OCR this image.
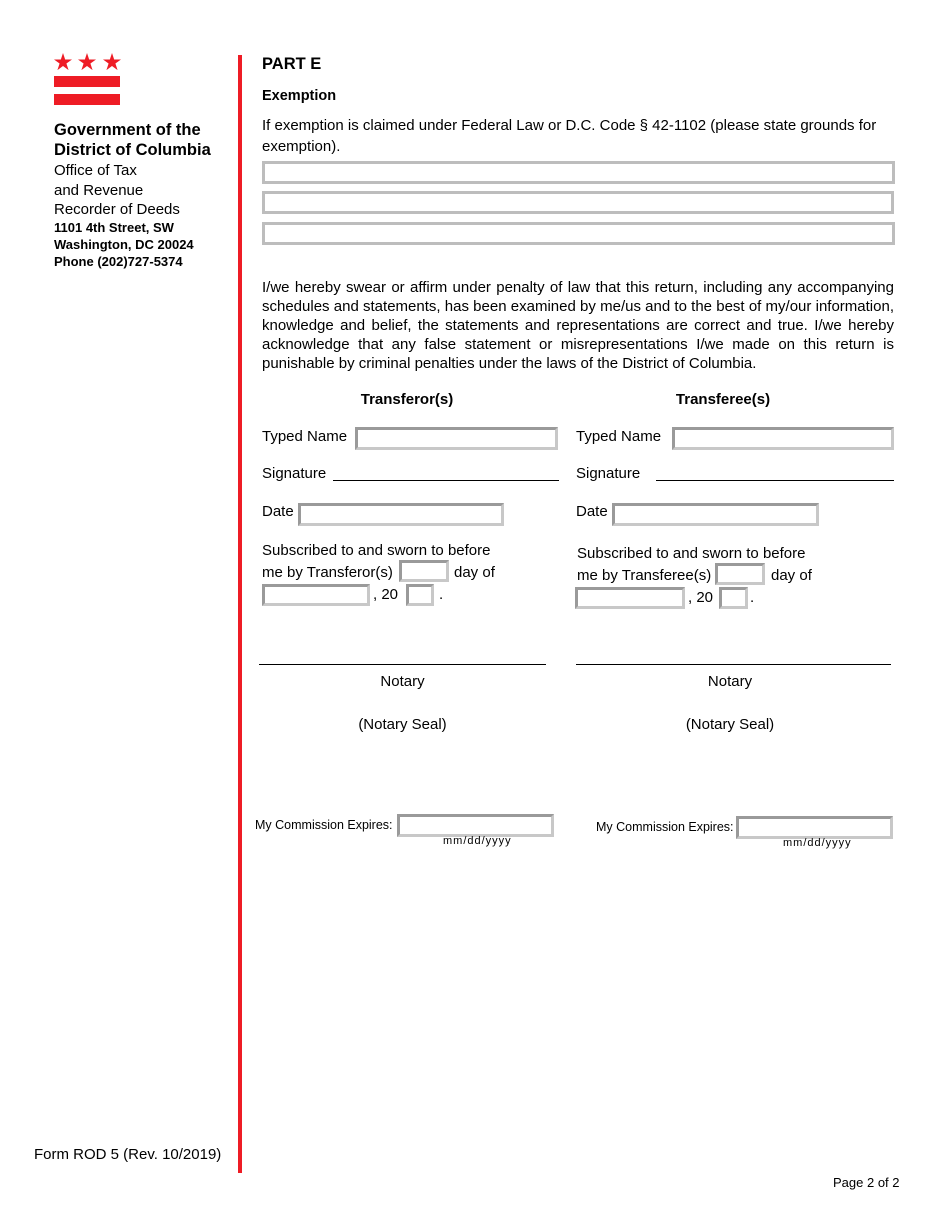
Government of the
District of Columbia
Office of Tax
and Revenue
Recorder of Deeds
1101 4th Street, SW
Washington, DC 20024
Phone (202)727-5374
Form ROD 5 (Rev. 10/2019)
PART E
Exemption
If exemption is claimed under Federal Law or D.C. Code § 42-1102 (please state grounds for exemption).
I/we hereby swear or affirm under penalty of law that this return, including any accompanying schedules and statements, has been examined by me/us and to the best of my/our information, knowledge and belief, the statements and representations are correct and true. I/we hereby acknowledge that any false statement or misrepresentations I/we made on this return is punishable by criminal penalties under the laws of the District of Columbia.
Transferor(s)
Typed Name
Signature
Date
Subscribed to and sworn to before
me by Transferor(s)	day of
, 20	.
Notary
(Notary Seal)
My Commission Expires:
mm/dd/yyyy
Transferee(s)
Typed Name
Signature
Date
Subscribed to and sworn to before
me by Transferee(s)	day of
, 20 .
Notary
(Notary Seal)
My Commission Expires:
mm/dd/yyyy
Page 2 of 2
